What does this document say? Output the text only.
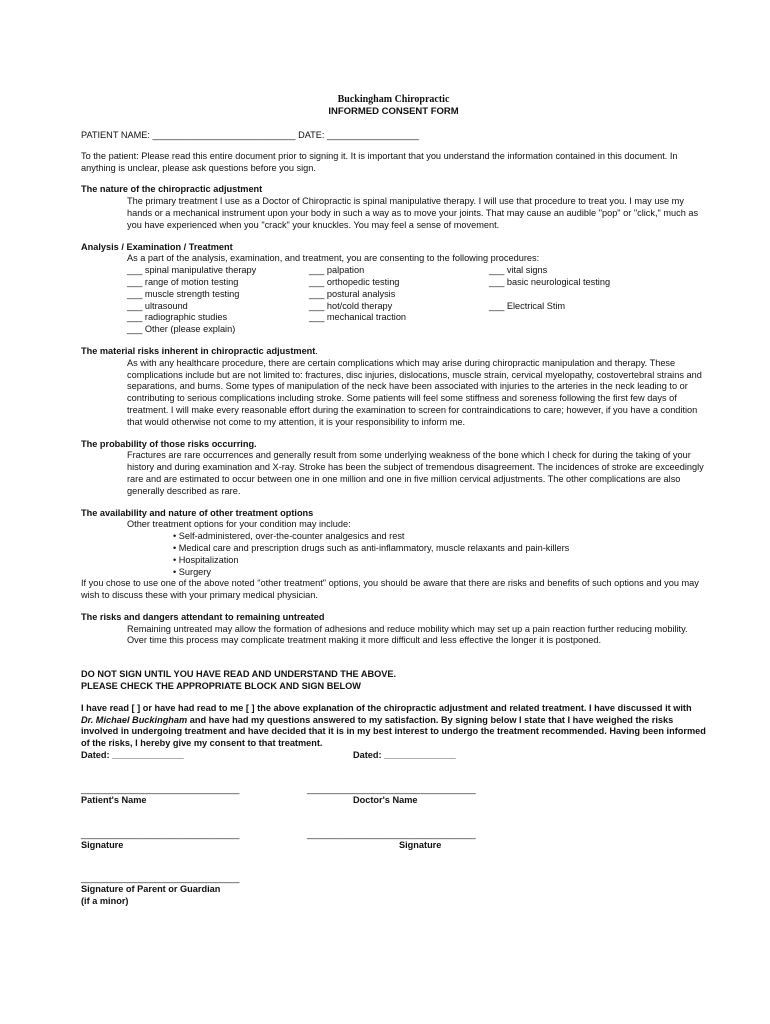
Buckingham Chiropractic
INFORMED CONSENT FORM
PATIENT NAME: ____________________________ DATE: __________________
To the patient: Please read this entire document prior to signing it. It is important that you understand the information contained in this document. In anything is unclear, please ask questions before you sign.
The nature of the chiropractic adjustment
The primary treatment I use as a Doctor of Chiropractic is spinal manipulative therapy. I will use that procedure to treat you. I may use my hands or a mechanical instrument upon your body in such a way as to move your joints. That may cause an audible "pop" or "click," much as you have experienced when you "crack" your knuckles. You may feel a sense of movement.
Analysis / Examination / Treatment
As a part of the analysis, examination, and treatment, you are consenting to the following procedures:
___ spinal manipulative therapy	___ palpation	___ vital signs
___ range of motion testing	___ orthopedic testing	___ basic neurological testing
___ muscle strength testing	___ postural analysis
___ ultrasound	___ hot/cold therapy	___ Electrical Stim
___ radiographic studies	___ mechanical traction
___ Other (please explain)
The material risks inherent in chiropractic adjustment.
As with any healthcare procedure, there are certain complications which may arise during chiropractic manipulation and therapy. These complications include but are not limited to: fractures, disc injuries, dislocations, muscle strain, cervical myelopathy, costovertebral strains and separations, and burns. Some types of manipulation of the neck have been associated with injuries to the arteries in the neck leading to or contributing to serious complications including stroke. Some patients will feel some stiffness and soreness following the first few days of treatment. I will make every reasonable effort during the examination to screen for contraindications to care; however, if you have a condition that would otherwise not come to my attention, it is your responsibility to inform me.
The probability of those risks occurring.
Fractures are rare occurrences and generally result from some underlying weakness of the bone which I check for during the taking of your history and during examination and X-ray. Stroke has been the subject of tremendous disagreement. The incidences of stroke are exceedingly rare and are estimated to occur between one in one million and one in five million cervical adjustments. The other complications are also generally described as rare.
The availability and nature of other treatment options
Other treatment options for your condition may include:
• Self-administered, over-the-counter analgesics and rest
• Medical care and prescription drugs such as anti-inflammatory, muscle relaxants and pain-killers
• Hospitalization
• Surgery
If you chose to use one of the above noted "other treatment" options, you should be aware that there are risks and benefits of such options and you may wish to discuss these with your primary medical physician.
The risks and dangers attendant to remaining untreated
Remaining untreated may allow the formation of adhesions and reduce mobility which may set up a pain reaction further reducing mobility. Over time this process may complicate treatment making it more difficult and less effective the longer it is postponed.
DO NOT SIGN UNTIL YOU HAVE READ AND UNDERSTAND THE ABOVE.
PLEASE CHECK THE APPROPRIATE BLOCK AND SIGN BELOW
I have read [ ] or have had read to me [ ] the above explanation of the chiropractic adjustment and related treatment. I have discussed it with Dr. Michael Buckingham and have had my questions answered to my satisfaction. By signing below I state that I have weighed the risks involved in undergoing treatment and have decided that it is in my best interest to undergo the treatment recommended. Having been informed of the risks, I hereby give my consent to that treatment.
Dated: ______________	Dated: ______________
_______________________________
Patient's Name
_________________________________
Doctor's Name
_______________________________
Signature
_________________________________
Signature
_______________________________
Signature of Parent or Guardian
(if a minor)
